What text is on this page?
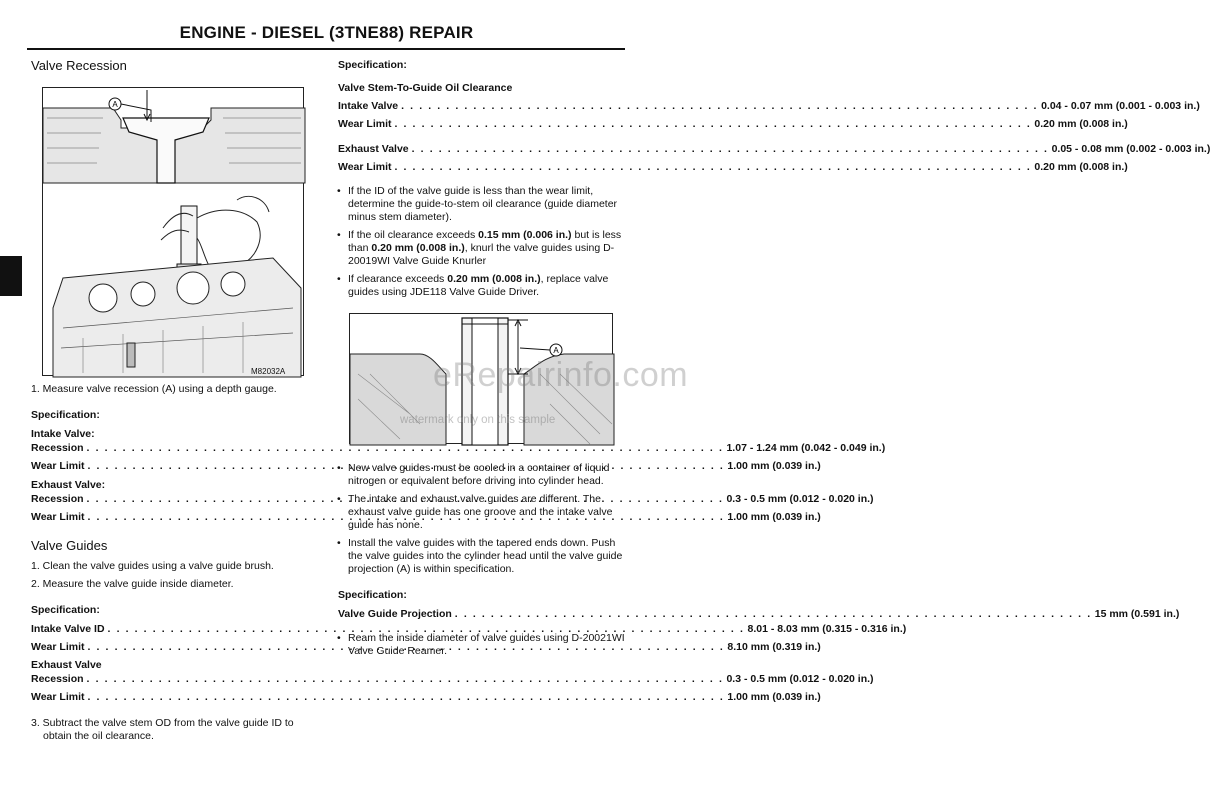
ENGINE - DIESEL (3TNE88) REPAIR
Valve Recession
A
M82032A
1. Measure valve recession (A) using a depth gauge.
Specification:
Intake Valve:
Recession . . .	1.07 - 1.24 mm (0.042 - 0.049 in.)
Wear Limit . . .	1.00 mm (0.039 in.)
Exhaust Valve:
Recession . . .	0.3 - 0.5 mm (0.012 - 0.020 in.)
Wear Limit . . .	1.00 mm (0.039 in.)
Valve Guides
1. Clean the valve guides using a valve guide brush.
2. Measure the valve guide inside diameter.
Specification:
Intake Valve ID . . .	8.01 - 8.03 mm (0.315 - 0.316 in.)
Wear Limit . . .	8.10 mm (0.319 in.)
Exhaust Valve
Recession . . .	0.3 - 0.5 mm (0.012 - 0.020 in.)
Wear Limit . . .	1.00 mm (0.039 in.)
3. Subtract the valve stem OD from the valve guide ID to obtain the oil clearance.
Specification:
Valve Stem-To-Guide Oil Clearance
Intake Valve . . .	0.04 - 0.07 mm (0.001 - 0.003 in.)
Wear Limit . . .	0.20 mm (0.008 in.)
Exhaust Valve . . .	0.05 - 0.08 mm (0.002 - 0.003 in.)
Wear Limit . . .	0.20 mm (0.008 in.)
• If the ID of the valve guide is less than the wear limit, determine the guide-to-stem oil clearance (guide diameter minus stem diameter).
• If the oil clearance exceeds 0.15 mm (0.006 in.) but is less than 0.20 mm (0.008 in.), knurl the valve guides using D-20019WI Valve Guide Knurler
• If clearance exceeds 0.20 mm (0.008 in.), replace valve guides using JDE118 Valve Guide Driver.
A
• New valve guides must be cooled in a container of liquid nitrogen or equivalent before driving into cylinder head.
• The intake and exhaust valve guides are different. The exhaust valve guide has one groove and the intake valve guide has none.
• Install the valve guides with the tapered ends down. Push the valve guides into the cylinder head until the valve guide projection (A) is within specification.
Specification:
Valve Guide Projection . . .	15 mm (0.591 in.)
• Ream the inside diameter of valve guides using D-20021WI Valve Guide Reamer.
eRepairinfo.com
watermark only on this sample
